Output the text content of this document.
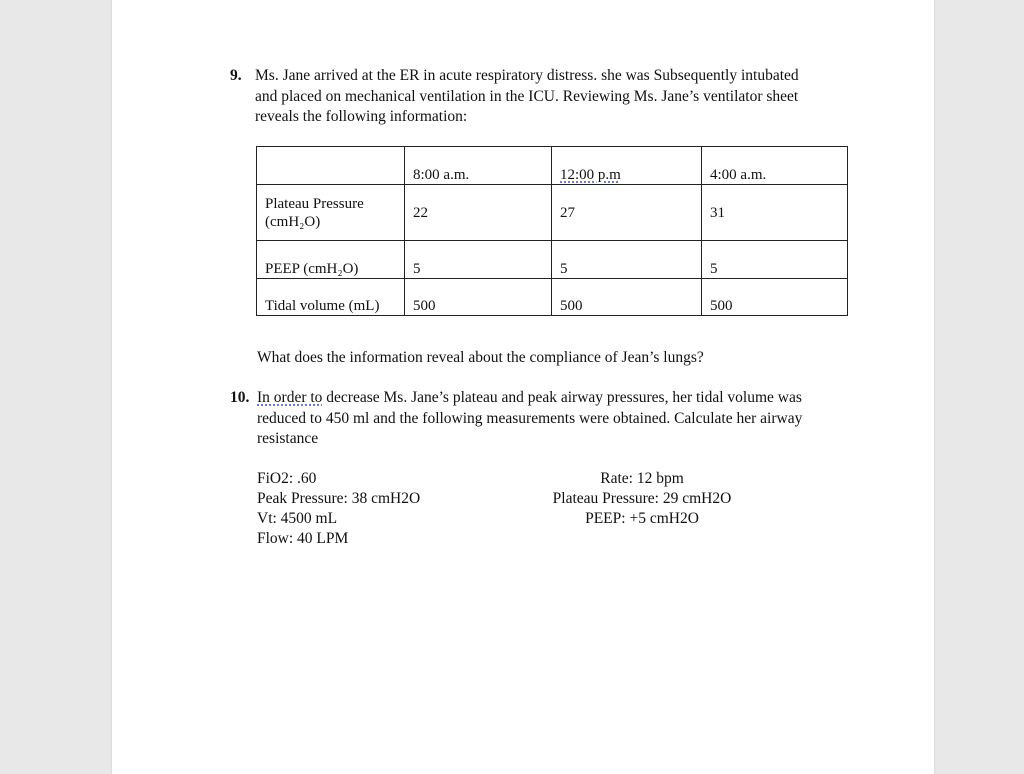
9. Ms. Jane arrived at the ER in acute respiratory distress. she was Subsequently intubated
and placed on mechanical ventilation in the ICU. Reviewing Ms. Jane’s ventilator sheet
reveals the following information:
	8:00 a.m.	12:00 p.m	4:00 a.m.

Plateau Pressure
(cmH₂O)	22	27	31
PEEP (cmH₂O)	5	5	5
Tidal volume (mL)	500	500	500
What does the information reveal about the compliance of Jean’s lungs?
10. In order to decrease Ms. Jane’s plateau and peak airway pressures, her tidal volume was
reduced to 450 ml and the following measurements were obtained. Calculate her airway
resistance
FiO2: .60
Peak Pressure: 38 cmH2O
Vt: 4500 mL
Flow: 40 LPM
Rate: 12 bpm
Plateau Pressure: 29 cmH2O
PEEP: +5 cmH2O
